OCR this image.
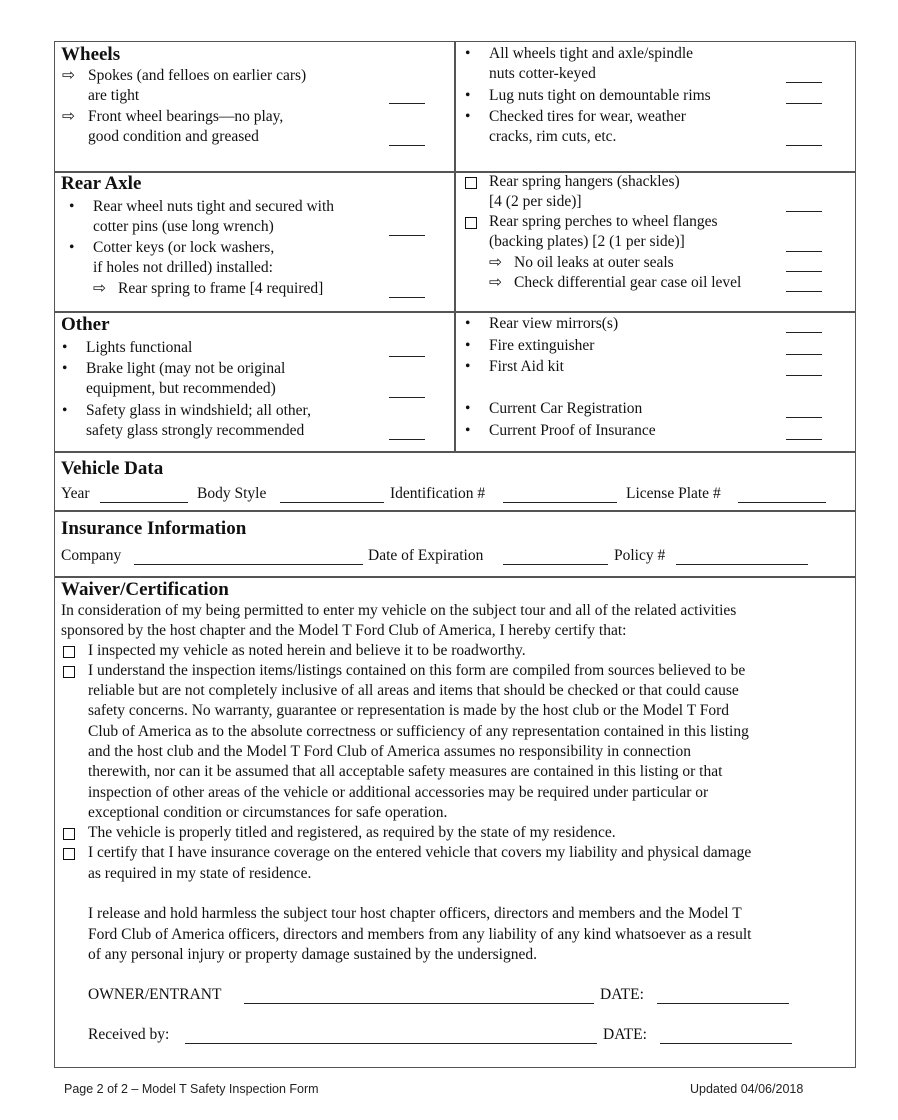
Wheels
⇨ Spokes (and felloes on earlier cars)
are tight
⇨ Front wheel bearings—no play,
good condition and greased
• All wheels tight and axle/spindle
nuts cotter-keyed
• Lug nuts tight on demountable rims
• Checked tires for wear, weather
cracks, rim cuts, etc.
Rear Axle
• Rear wheel nuts tight and secured with
cotter pins (use long wrench)
• Cotter keys (or lock washers,
if holes not drilled) installed:
⇨ Rear spring to frame [4 required]
Rear spring hangers (shackles)
[4 (2 per side)]
Rear spring perches to wheel flanges
(backing plates) [2 (1 per side)]
⇨ No oil leaks at outer seals
⇨ Check differential gear case oil level
Other
• Lights functional
• Brake light (may not be original
equipment, but recommended)
• Safety glass in windshield; all other,
safety glass strongly recommended
• Rear view mirrors(s)
• Fire extinguisher
• First Aid kit
• Current Car Registration
• Current Proof of Insurance
Vehicle Data
Year	Body Style	Identification #	License Plate #
Insurance Information
Company	Date of Expiration	Policy #
Waiver/Certification
In consideration of my being permitted to enter my vehicle on the subject tour and all of the related activities
sponsored by the host chapter and the Model T Ford Club of America, I hereby certify that:
I inspected my vehicle as noted herein and believe it to be roadworthy.
I understand the inspection items/listings contained on this form are compiled from sources believed to be
reliable but are not completely inclusive of all areas and items that should be checked or that could cause
safety concerns. No warranty, guarantee or representation is made by the host club or the Model T Ford
Club of America as to the absolute correctness or sufficiency of any representation contained in this listing
and the host club and the Model T Ford Club of America assumes no responsibility in connection
therewith, nor can it be assumed that all acceptable safety measures are contained in this listing or that
inspection of other areas of the vehicle or additional accessories may be required under particular or
exceptional condition or circumstances for safe operation.
The vehicle is properly titled and registered, as required by the state of my residence.
I certify that I have insurance coverage on the entered vehicle that covers my liability and physical damage
as required in my state of residence.
I release and hold harmless the subject tour host chapter officers, directors and members and the Model T
Ford Club of America officers, directors and members from any liability of any kind whatsoever as a result
of any personal injury or property damage sustained by the undersigned.
OWNER/ENTRANT	DATE:
Received by:	DATE:
Page 2 of 2 – Model T Safety Inspection Form	Updated 04/06/2018
